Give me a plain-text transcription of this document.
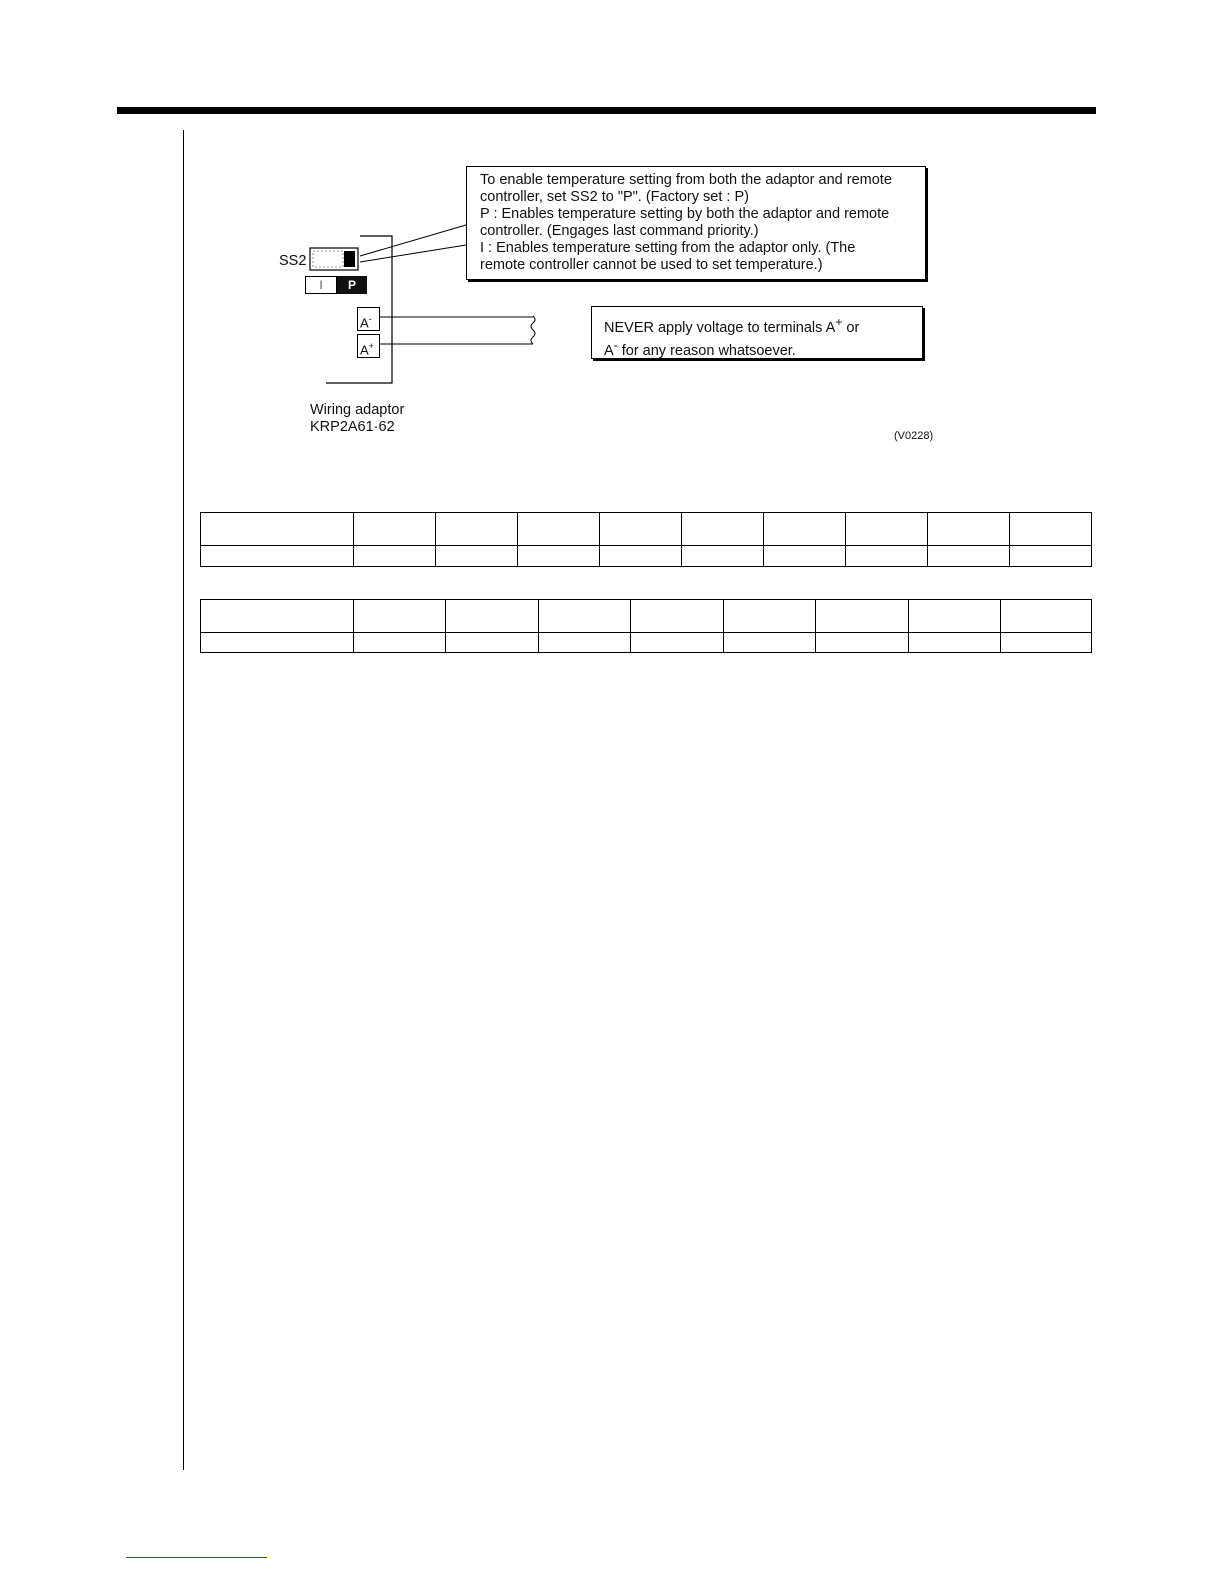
SS2
I	P
A-
A+

To enable temperature setting from both the adaptor and remote

controller, set SS2 to "P". (Factory set : P)

P : Enables temperature setting by both the adaptor and remote

controller. (Engages last command priority.)

I : Enables temperature setting from the adaptor only. (The

remote controller cannot be used to set temperature.)

NEVER apply voltage to terminals A+ or

A- for any reason whatsoever.

Wiring adaptor
KRP2A61·62
(V0228)
